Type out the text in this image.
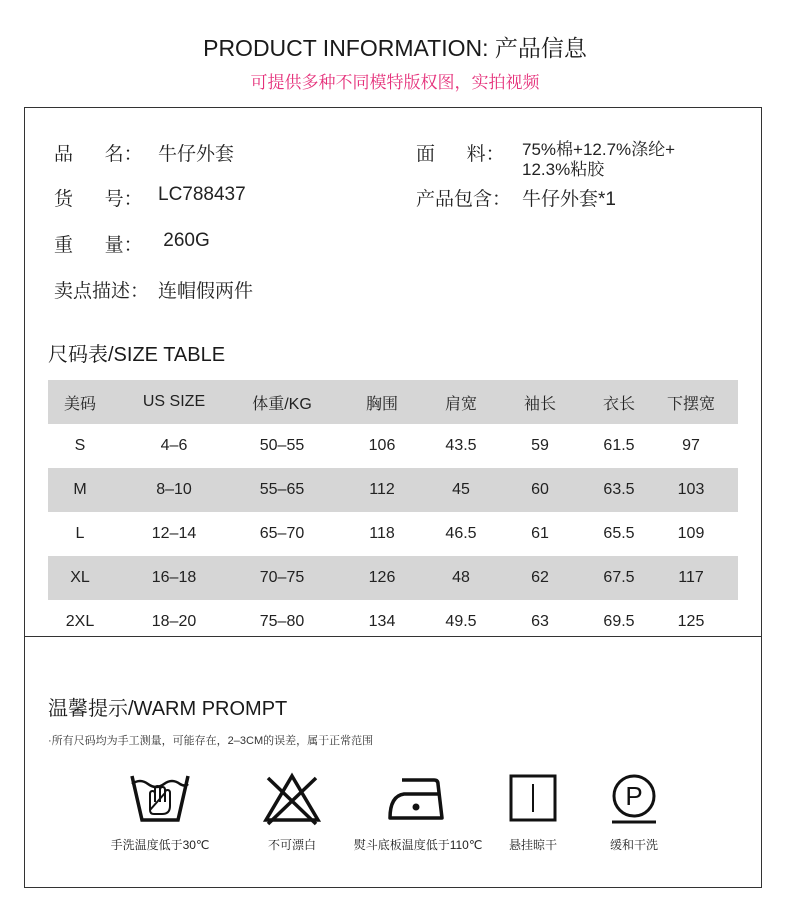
PRODUCT INFORMATION: 产品信息
可提供多种不同模特版权图，实拍视频
品      名： 牛仔外套
货      号： LC788437
重      量： 260G
卖点描述： 连帽假两件
面      料： 75%棉+12.7%涤纶+
12.3%粘胶
产品包含： 牛仔外套*1
尺码表/SIZE TABLE
美码	US SIZE	体重/KG	胸围	肩宽	袖长	衣长	下摆宽
S	4–6	50–55	106	43.5	59	61.5	97
M	8–10	55–65	112	45	60	63.5	103
L	12–14	65–70	118	46.5	61	65.5	109
XL	16–18	70–75	126	48	62	67.5	117
2XL	18–20	75–80	134	49.5	63	69.5	125
温馨提示/WARM PROMPT
·所有尺码均为手工测量，可能存在，2–3CM的误差，属于正常范围
手洗温度低于30℃	不可漂白	熨斗底板温度低于110℃	悬挂晾干
P
缓和干洗
